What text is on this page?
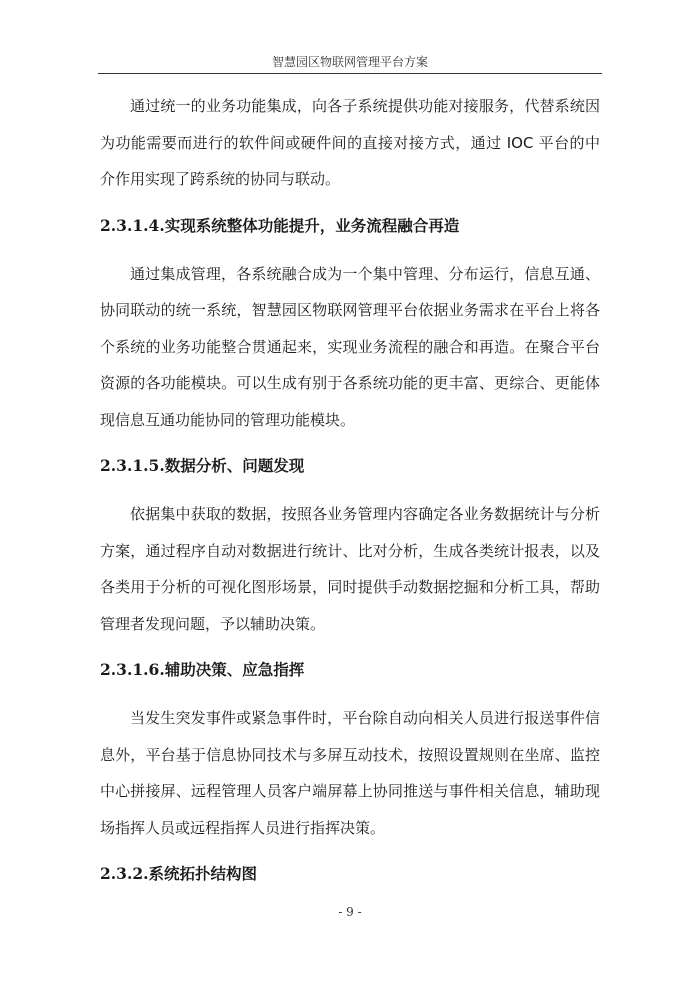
智慧园区物联网管理平台方案

通过统一的业务功能集成，向各子系统提供功能对接服务，代替系统因为功能需要而进行的软件间或硬件间的直接对接方式，通过 IOC 平台的中介作用实现了跨系统的协同与联动。

2.3.1.4.实现系统整体功能提升，业务流程融合再造

通过集成管理，各系统融合成为一个集中管理、分布运行，信息互通、协同联动的统一系统，智慧园区物联网管理平台依据业务需求在平台上将各个系统的业务功能整合贯通起来，实现业务流程的融合和再造。在聚合平台资源的各功能模块。可以生成有别于各系统功能的更丰富、更综合、更能体现信息互通功能协同的管理功能模块。

2.3.1.5.数据分析、问题发现

依据集中获取的数据，按照各业务管理内容确定各业务数据统计与分析方案，通过程序自动对数据进行统计、比对分析，生成各类统计报表，以及各类用于分析的可视化图形场景，同时提供手动数据挖掘和分析工具，帮助管理者发现问题，予以辅助决策。

2.3.1.6.辅助决策、应急指挥

当发生突发事件或紧急事件时，平台除自动向相关人员进行报送事件信息外，平台基于信息协同技术与多屏互动技术，按照设置规则在坐席、监控中心拼接屏、远程管理人员客户端屏幕上协同推送与事件相关信息，辅助现场指挥人员或远程指挥人员进行指挥决策。

2.3.2.系统拓扑结构图
- 9 -
